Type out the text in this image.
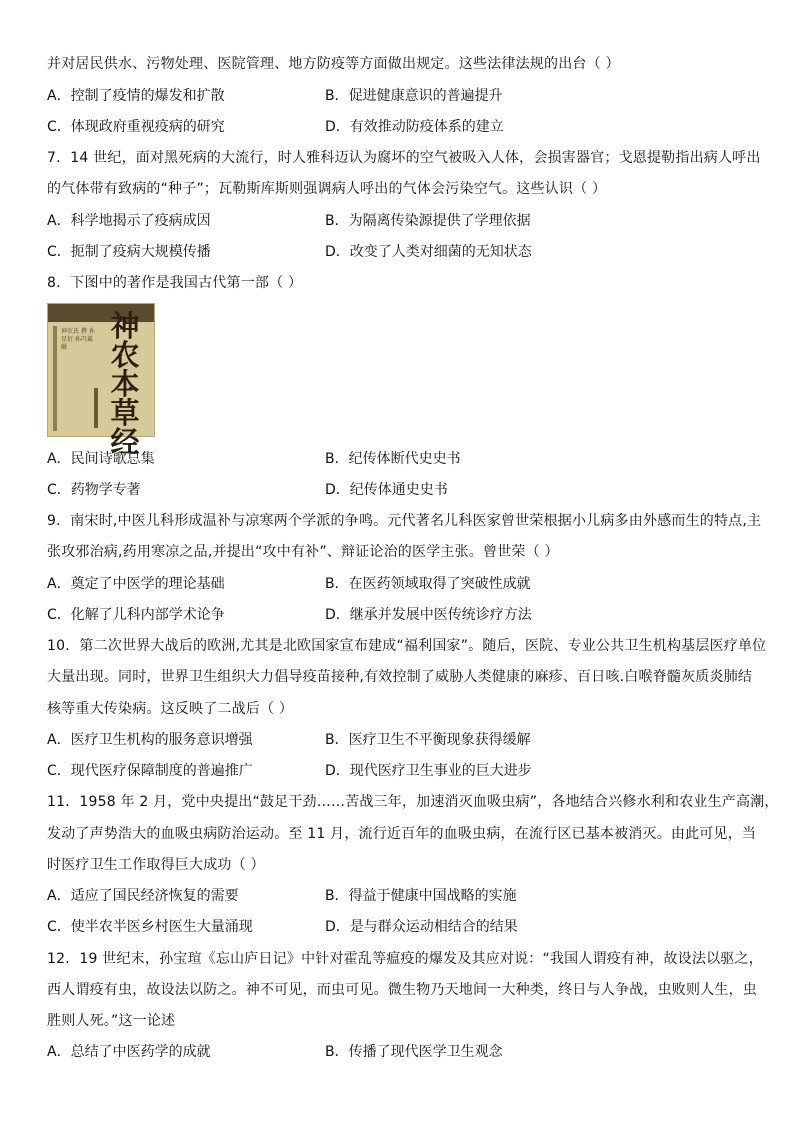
并对居民供水、污物处理、医院管理、地方防疫等方面做出规定。这些法律法规的出台（ ）
A．控制了疫情的爆发和扩散	B．促进健康意识的普遍提升
C．体现政府重视疫病的研究	D．有效推动防疫体系的建立
7．14 世纪，面对黑死病的大流行，时人雅科迈认为腐坏的空气被吸入人体，会损害器官；戈恩提勒指出病人呼出
的气体带有致病的“种子”；瓦勒斯库斯则强调病人呼出的气体会污染空气。这些认识（ ）
A．科学地揭示了疫病成因	B．为隔离传染源提供了学理依据
C．扼制了疫病大规模传播	D．改变了人类对细菌的无知状态
8．下图中的著作是我国古代第一部（ ）
神农氏 撰 孙星衍 孙冯翼 辑
神农本草经
A．民间诗歌总集	B．纪传体断代史史书
C．药物学专著	D．纪传体通史史书
9．南宋时,中医儿科形成温补与凉寒两个学派的争鸣。元代著名儿科医家曾世荣根据小儿病多由外感而生的特点,主
张攻邪治病,药用寒凉之品,并提出“攻中有补”、辩证论治的医学主张。曾世荣（ ）
A．奠定了中医学的理论基础	B．在医药领域取得了突破性成就
C．化解了儿科内部学术论争	D．继承并发展中医传统诊疗方法
10．第二次世界大战后的欧洲,尤其是北欧国家宣布建成“福利国家”。随后，医院、专业公共卫生机构基层医疗单位
大量出现。同时，世界卫生组织大力倡导疫苗接种,有效控制了威胁人类健康的麻疹、百日咳.白喉脊髓灰质炎肺结
核等重大传染病。这反映了二战后（ ）
A．医疗卫生机构的服务意识增强	B．医疗卫生不平衡现象获得缓解
C．现代医疗保障制度的普遍推广	D．现代医疗卫生事业的巨大进步
11．1958 年 2 月，党中央提出“鼓足干劲……苦战三年，加速消灭血吸虫病”，各地结合兴修水利和农业生产高潮，
发动了声势浩大的血吸虫病防治运动。至 11 月，流行近百年的血吸虫病，在流行区已基本被消灭。由此可见，当
时医疗卫生工作取得巨大成功（ ）
A．适应了国民经济恢复的需要	B．得益于健康中国战略的实施
C．使半农半医乡村医生大量涌现	D．是与群众运动相结合的结果
12．19 世纪末，孙宝瑄《忘山庐日记》中针对霍乱等瘟疫的爆发及其应对说：“我国人谓疫有神，故设法以驱之，
西人谓疫有虫，故设法以防之。神不可见，而虫可见。微生物乃天地间一大种类，终日与人争战，虫败则人生，虫
胜则人死。”这一论述
A．总结了中医药学的成就	B．传播了现代医学卫生观念
